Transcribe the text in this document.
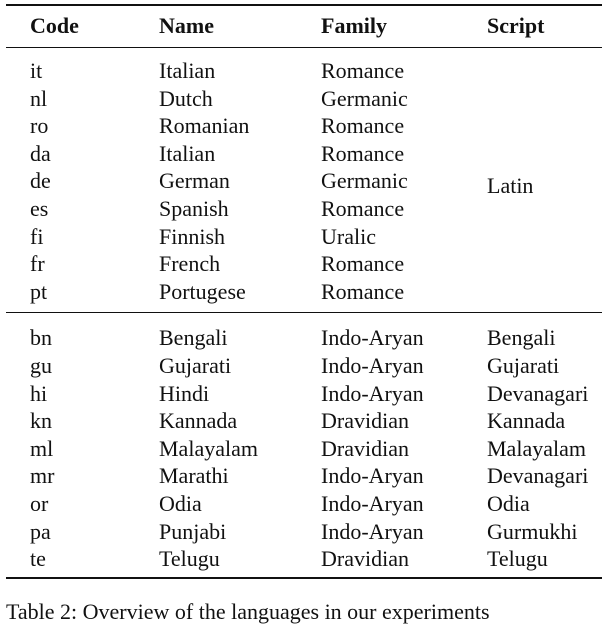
Code	Name	Family	Script
it	Italian	Romance	Latin
nl	Dutch	Germanic	
ro	Romanian	Romance	
da	Italian	Romance	
de	German	Germanic	
es	Spanish	Romance	
fi	Finnish	Uralic	
fr	French	Romance	
pt	Portugese	Romance	
bn	Bengali	Indo-Aryan	Bengali
gu	Gujarati	Indo-Aryan	Gujarati
hi	Hindi	Indo-Aryan	Devanagari
kn	Kannada	Dravidian	Kannada
ml	Malayalam	Dravidian	Malayalam
mr	Marathi	Indo-Aryan	Devanagari
or	Odia	Indo-Aryan	Odia
pa	Punjabi	Indo-Aryan	Gurmukhi
te	Telugu	Dravidian	Telugu
Table 2: Overview of the languages in our experiments
